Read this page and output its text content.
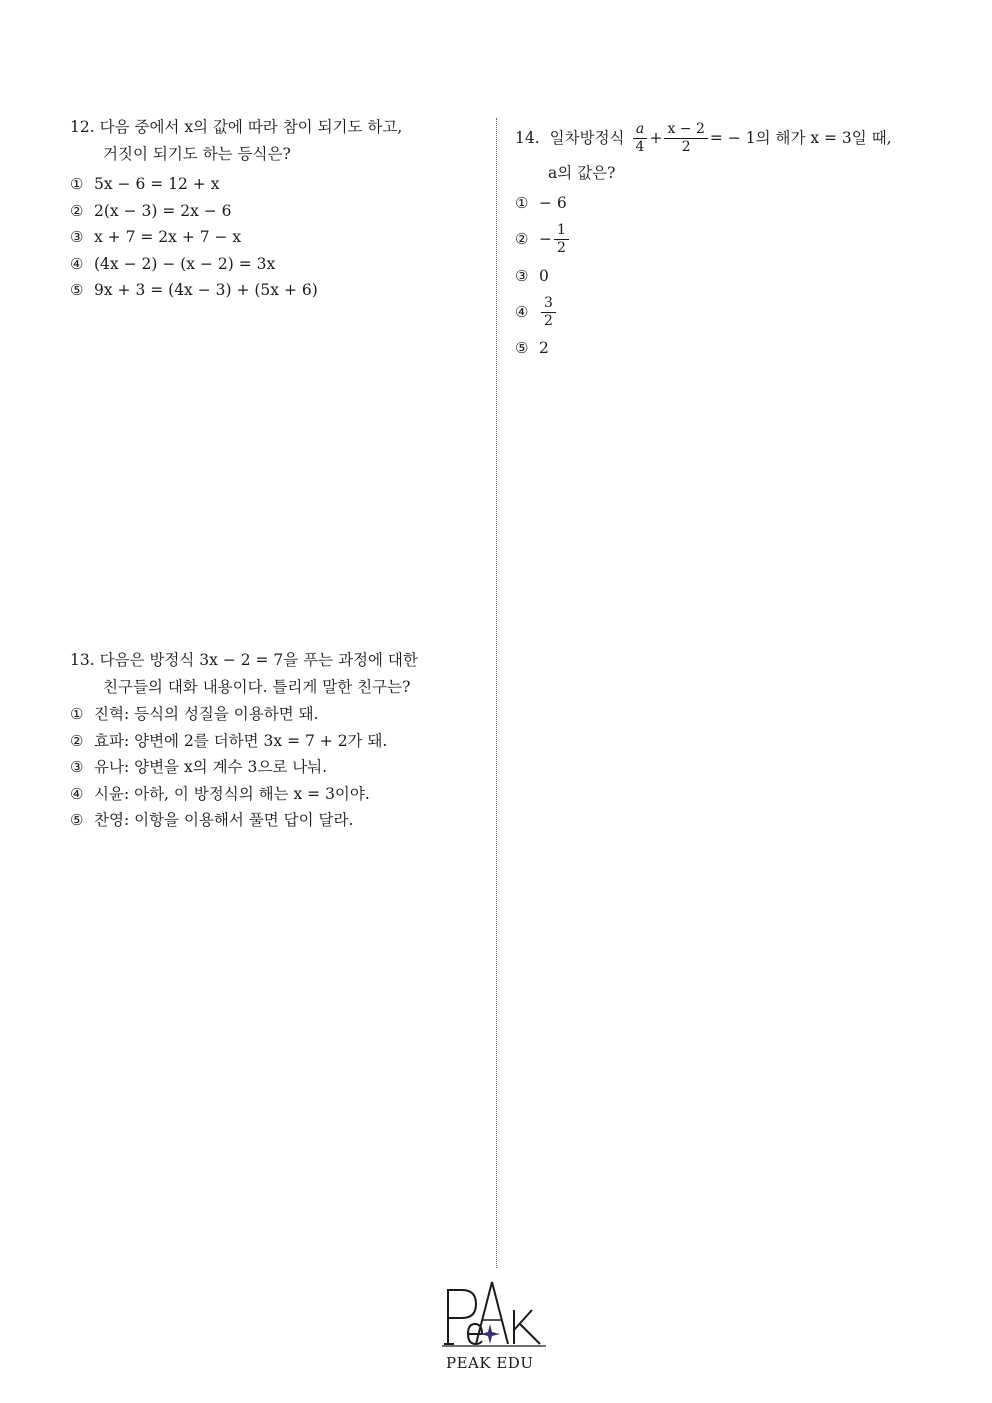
12. 다음 중에서 x의 값에 따라 참이 되기도 하고,
거짓이 되기도 하는 등식은?
① 5x − 6 = 12 + x
② 2(x − 3) = 2x − 6
③ x + 7 = 2x + 7 − x
④ (4x − 2) − (x − 2) = 3x
⑤ 9x + 3 = (4x − 3) + (5x + 6)
13. 다음은 방정식 3x − 2 = 7을 푸는 과정에 대한
친구들의 대화 내용이다. 틀리게 말한 친구는?
① 진혁: 등식의 성질을 이용하면 돼.
② 효파: 양변에 2를 더하면 3x = 7 + 2가 돼.
③ 유나: 양변을 x의 계수 3으로 나눠.
④ 시윤: 아하, 이 방정식의 해는 x = 3이야.
⑤ 찬영: 이항을 이용해서 풀면 답이 달라.
14. 일차방정식 $\frac{a}{4} + \frac{x - 2}{2}$ = − 1의 해가 x = 3일 때,
a의 값은?
① − 6
② − $\frac{1}{2}$
③ 0
④ $\frac{3}{2}$
⑤ 2
PEAK EDU
